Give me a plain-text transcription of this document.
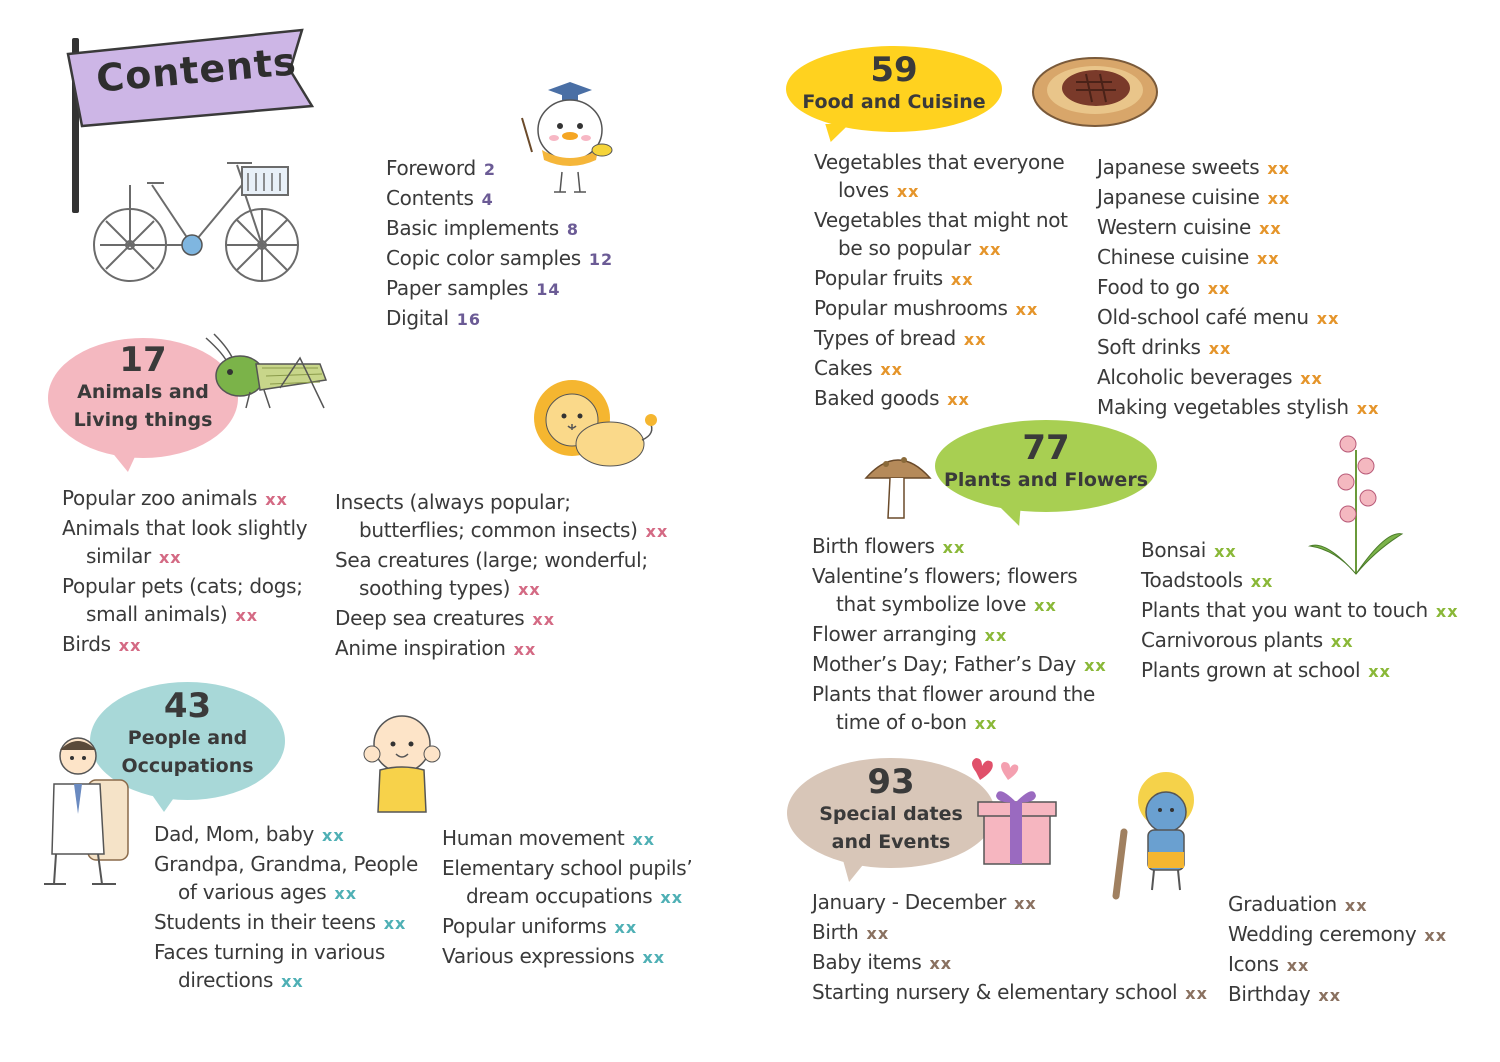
Contents
Foreword 2
Contents 4
Basic implements 8
Copic color samples 12
Paper samples 14
Digital 16
17
Animals and
Living things
Popular zoo animals xx
Animals that look slightly
similar xx
Popular pets (cats; dogs;
small animals) xx
Birds xx
Insects (always popular;
butterflies; common insects) xx
Sea creatures (large; wonderful;
soothing types) xx
Deep sea creatures xx
Anime inspiration xx
43
People and
Occupations
Dad, Mom, baby xx
Grandpa, Grandma, People
of various ages xx
Students in their teens xx
Faces turning in various
directions xx
Human movement xx
Elementary school pupils’
dream occupations xx
Popular uniforms xx
Various expressions xx
59
Food and Cuisine
Vegetables that everyone
loves xx
Vegetables that might not
be so popular xx
Popular fruits xx
Popular mushrooms xx
Types of bread xx
Cakes xx
Baked goods xx
Japanese sweets xx
Japanese cuisine xx
Western cuisine xx
Chinese cuisine xx
Food to go xx
Old-school café menu xx
Soft drinks xx
Alcoholic beverages xx
Making vegetables stylish xx
77
Plants and Flowers
Birth flowers xx
Valentine’s flowers; flowers
that symbolize love xx
Flower arranging xx
Mother’s Day; Father’s Day xx
Plants that flower around the
time of o-bon xx
Bonsai xx
Toadstools xx
Plants that you want to touch xx
Carnivorous plants xx
Plants grown at school xx
93
Special dates
and Events
January - December xx
Birth xx
Baby items xx
Starting nursery & elementary school xx
Graduation xx
Wedding ceremony xx
Icons xx
Birthday xx
